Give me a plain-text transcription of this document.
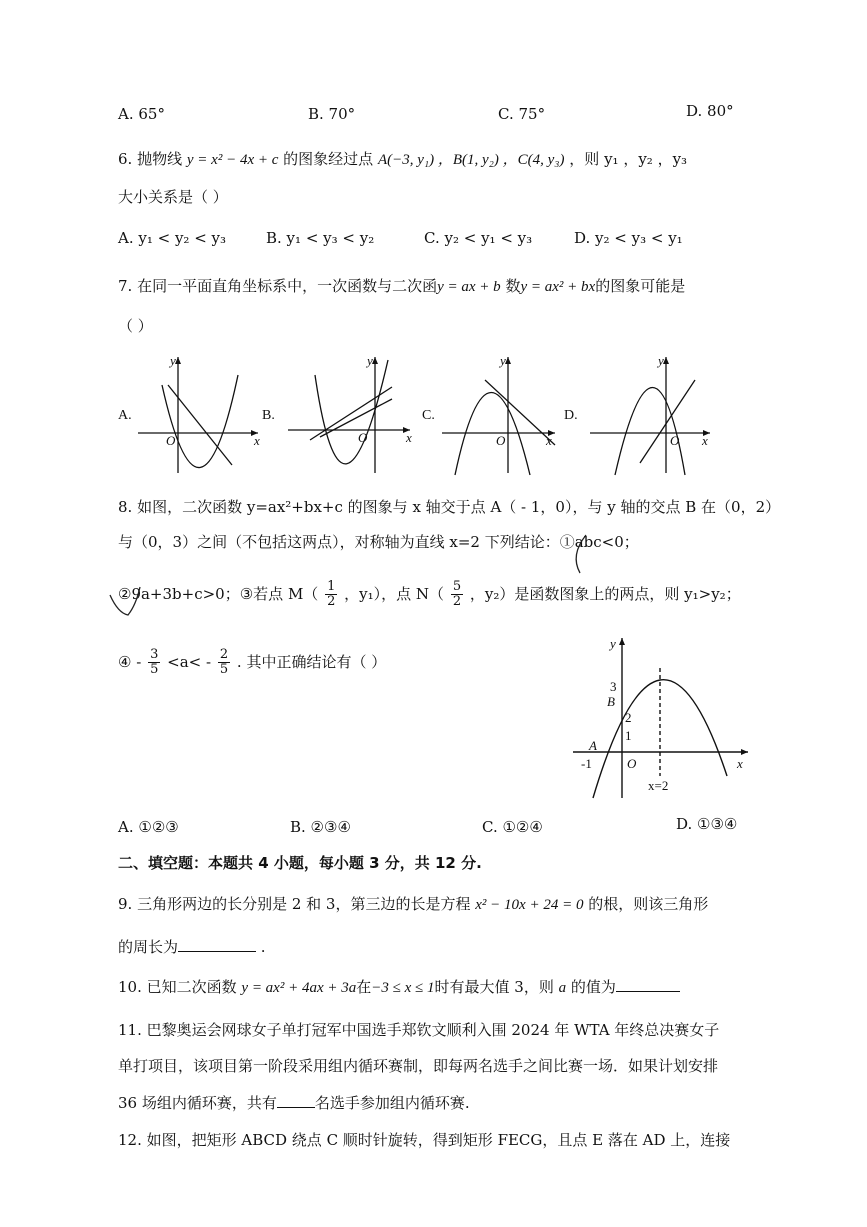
A. 65°	B. 70°	C. 75°	D. 80°
6. 抛物线 y = x² − 4x + c 的图象经过点 A(−3, y₁) ，B(1, y₂) ，C(4, y₃) ，则 y₁ ，y₂ ，y₃
大小关系是（ ）
A. y₁ < y₂ < y₃	B. y₁ < y₃ < y₂	C. y₂ < y₁ < y₃	D. y₂ < y₃ < y₁
7. 在同一平面直角坐标系中，一次函数与二次函y = ax + b 数y = ax² + bx的图象可能是
（ ）
y
x
O
y
x
O
y
x
O
y
x
O
A.	B.	C.	D.
8. 如图，二次函数 y=ax²+bx+c 的图象与 x 轴交于点 A（ - 1，0），与 y 轴的交点 B 在（0，2）
与（0，3）之间（不包括这两点），对称轴为直线 x=2 下列结论：①abc<0；
②9a+3b+c>0；③若点 $M( \frac{1}{2}$ ，y₁），点 $N( \frac{5}{2}$ ，y₂）是函数图象上的两点，则 y₁>y₂；
④ - $\frac{3}{5} <a< - \frac{2}{5}$ . 其中正确结论有（ ）
y
x
O
A
B
-1
3
2
1
x=2
A. ①②③	B. ②③④	C. ①②④	D. ①③④
二、填空题：本题共 4 小题，每小题 3 分，共 12 分.
9. 三角形两边的长分别是 2 和 3，第三边的长是方程 x² − 10x + 24 = 0 的根，则该三角形
的周长为	.
10. 已知二次函数 y = ax² + 4ax + 3a在−3 ≤ x ≤ 1时有最大值 3，则 a 的值为
11. 巴黎奥运会网球女子单打冠军中国选手郑钦文顺利入围 2024 年 WTA 年终总决赛女子
单打项目，该项目第一阶段采用组内循环赛制，即每两名选手之间比赛一场．如果计划安排
36 场组内循环赛，共有	名选手参加组内循环赛.
12. 如图，把矩形 ABCD 绕点 C 顺时针旋转，得到矩形 FECG，且点 E 落在 AD 上，连接
